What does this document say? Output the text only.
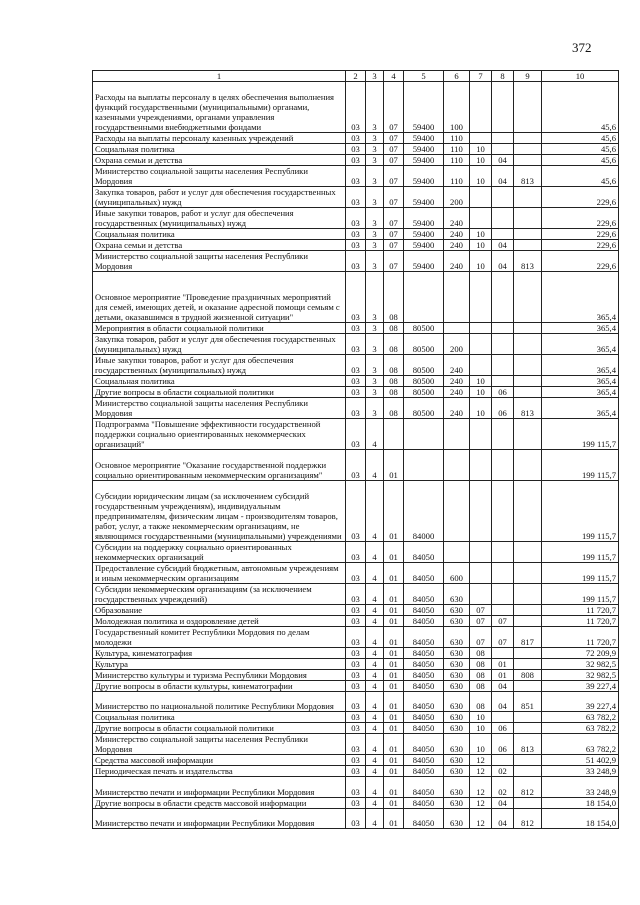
372
1	2	3	4	5	6	7	8	9	10
Расходы на выплаты персоналу в целях обеспечения выполнения функций государственными (муниципальными) органами, казенными учреждениями, органами управления государственными внебюджетными фондами	03	3	07	59400	100				45,6
Расходы на выплаты персоналу казенных учреждений	03	3	07	59400	110				45,6
Социальная политика	03	3	07	59400	110	10			45,6
Охрана семьи и детства	03	3	07	59400	110	10	04		45,6
Министерство социальной защиты населения Республики Мордовия	03	3	07	59400	110	10	04	813	45,6
Закупка товаров, работ и услуг для обеспечения государственных (муниципальных) нужд	03	3	07	59400	200				229,6
Иные закупки товаров, работ и услуг для обеспечения государственных (муниципальных) нужд	03	3	07	59400	240				229,6
Социальная политика	03	3	07	59400	240	10			229,6
Охрана семьи и детства	03	3	07	59400	240	10	04		229,6
Министерство социальной защиты населения Республики Мордовия	03	3	07	59400	240	10	04	813	229,6
Основное мероприятие "Проведение праздничных мероприятий для семей, имеющих детей, и оказание адресной помощи семьям с детьми, оказавшимся в трудной жизненной ситуации"	03	3	08						365,4
Мероприятия в области социальной политики	03	3	08	80500					365,4
Закупка товаров, работ и услуг для обеспечения государственных (муниципальных) нужд	03	3	08	80500	200				365,4
Иные закупки товаров, работ и услуг для обеспечения государственных (муниципальных) нужд	03	3	08	80500	240				365,4
Социальная политика	03	3	08	80500	240	10			365,4
Другие вопросы в области социальной политики	03	3	08	80500	240	10	06		365,4
Министерство социальной защиты населения Республики Мордовия	03	3	08	80500	240	10	06	813	365,4
Подпрограмма "Повышение эффективности государственной поддержки социально ориентированных некоммерческих организаций"	03	4							199 115,7
Основное мероприятие "Оказание государственной поддержки социально ориентированным некоммерческим организациям"	03	4	01						199 115,7
Субсидии юридическим лицам (за исключением субсидий государственным учреждениям), индивидуальным предпринимателям, физическим лицам - производителям товаров, работ, услуг, а также некоммерческим организациям, не являющимся государственными (муниципальными) учреждениями	03	4	01	84000					199 115,7
Субсидии на поддержку социально ориентированных некоммерческих организаций	03	4	01	84050					199 115,7
Предоставление субсидий бюджетным, автономным учреждениям и иным некоммерческим организациям	03	4	01	84050	600				199 115,7
Субсидии некоммерческим организациям (за исключением государственных учреждений)	03	4	01	84050	630				199 115,7
Образование	03	4	01	84050	630	07			11 720,7
Молодежная политика и оздоровление детей	03	4	01	84050	630	07	07		11 720,7
Государственный комитет Республики Мордовия по делам молодежи	03	4	01	84050	630	07	07	817	11 720,7
Культура, кинематография	03	4	01	84050	630	08			72 209,9
Культура	03	4	01	84050	630	08	01		32 982,5
Министерство культуры и туризма Республики Мордовия	03	4	01	84050	630	08	01	808	32 982,5
Другие вопросы в области культуры, кинематографии	03	4	01	84050	630	08	04		39 227,4
Министерство по национальной политике Республики Мордовия	03	4	01	84050	630	08	04	851	39 227,4
Социальная политика	03	4	01	84050	630	10			63 782,2
Другие вопросы в области социальной политики	03	4	01	84050	630	10	06		63 782,2
Министерство социальной защиты населения Республики Мордовия	03	4	01	84050	630	10	06	813	63 782,2
Средства массовой информации	03	4	01	84050	630	12			51 402,9
Периодическая печать и издательства	03	4	01	84050	630	12	02		33 248,9
Министерство печати и информации Республики Мордовия	03	4	01	84050	630	12	02	812	33 248,9
Другие вопросы в области средств массовой информации	03	4	01	84050	630	12	04		18 154,0
Министерство печати и информации Республики Мордовия	03	4	01	84050	630	12	04	812	18 154,0
